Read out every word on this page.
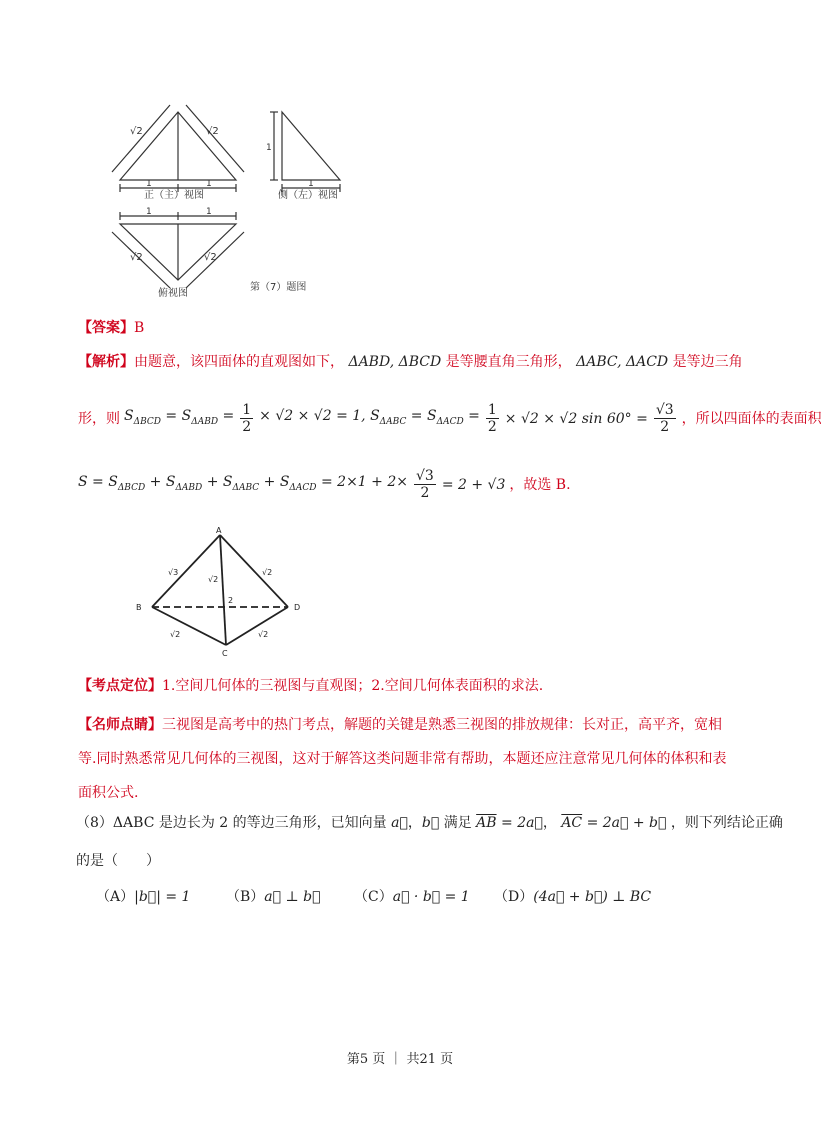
√2	√2
1	1
正（主）视图
1
1
侧（左）视图
1	1
√2	√2
俯视图
第（7）题图
【答案】B
【解析】由题意，该四面体的直观图如下， ΔABD, ΔBCD 是等腰直角三角形， ΔABC, ΔACD 是等边三角
形，则 $S_{\Delta BCD} = S_{\Delta ABD} = \frac{1}{2} \times √2 \times √2 = 1$, $S_{\Delta ABC} = S_{\Delta ACD} = \frac{1}{2} \times √2 \times √2$ $\sin 60^\circ = \frac{√3}{2}$ ，所以四面体的表面积
$S = S_{\Delta BCD} + S_{\Delta ABD} + S_{\Delta ABC} + S_{\Delta ACD} = 2\times 1 + 2\times \frac{√3}{2} = 2 + √3$ ，故选 B.
A
B
C
D
√3	√2
√2
2
√2	√2
【考点定位】1.空间几何体的三视图与直观图；2.空间几何体表面积的求法.
【名师点睛】三视图是高考中的热门考点，解题的关键是熟悉三视图的排放规律：长对正，高平齐，宽相
等.同时熟悉常见几何体的三视图，这对于解答这类问题非常有帮助，本题还应注意常见几何体的体积和表
面积公式.
（8）ΔABC 是边长为 2 的等边三角形，已知向量 a⃗，b⃗ 满足 $\overline{AB}$ = 2a⃗， $\overline{AC}$ = 2a⃗ + b⃗ ，则下列结论正确
的是（　　）
（A）|b⃗| = 1	（B）a⃗ ⊥ b⃗ （C）a⃗ · b⃗ = 1 （D）(4a⃗ + b⃗) ⊥ BC
第5 页 ｜ 共21 页
